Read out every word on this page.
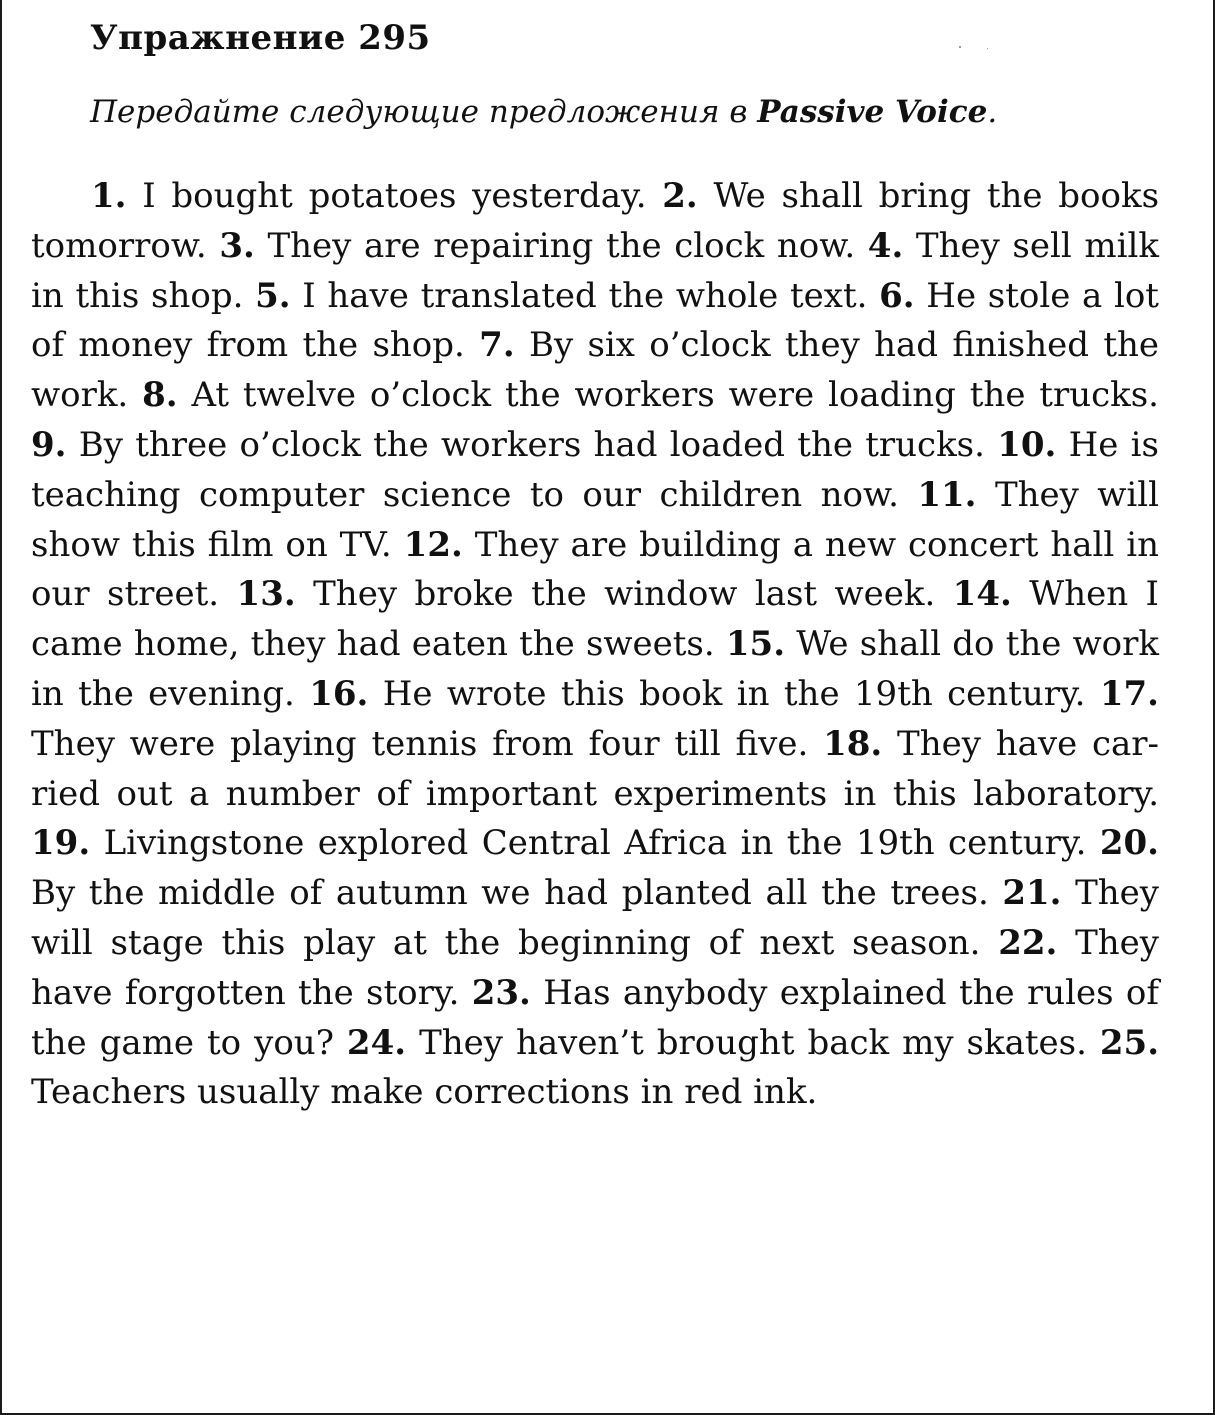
Упражнение 295
Передайте следующие предложения в Passive Voice.

1. I bought potatoes yesterday. 2. We shall bring the books tomorrow. 3. They are repairing the clock now. 4. They sell milk in this shop. 5. I have translated the whole text. 6. He stole a lot of money from the shop. 7. By six o’clock they had finished the work. 8. At twelve o’clock the workers were loading the trucks. 9. By three o’clock the workers had loaded the trucks. 10. He is teaching computer science to our children now. 11. They will show this film on TV. 12. They are building a new concert hall in our street. 13. They broke the window last week. 14. When I came home, they had eaten the sweets. 15. We shall do the work in the evening. 16. He wrote this book in the 19th century. 17. They were playing tennis from four till five. 18. They have carried out a number of important experiments in this laboratory. 19. Livingstone explored Central Africa in the 19th century. 20. By the middle of autumn we had planted all the trees. 21. They will stage this play at the beginning of next season. 22. They have forgotten the story. 23. Has anybody explained the rules of the game to you? 24. They haven’t brought back my skates. 25. Teachers usually make corrections in red ink.
